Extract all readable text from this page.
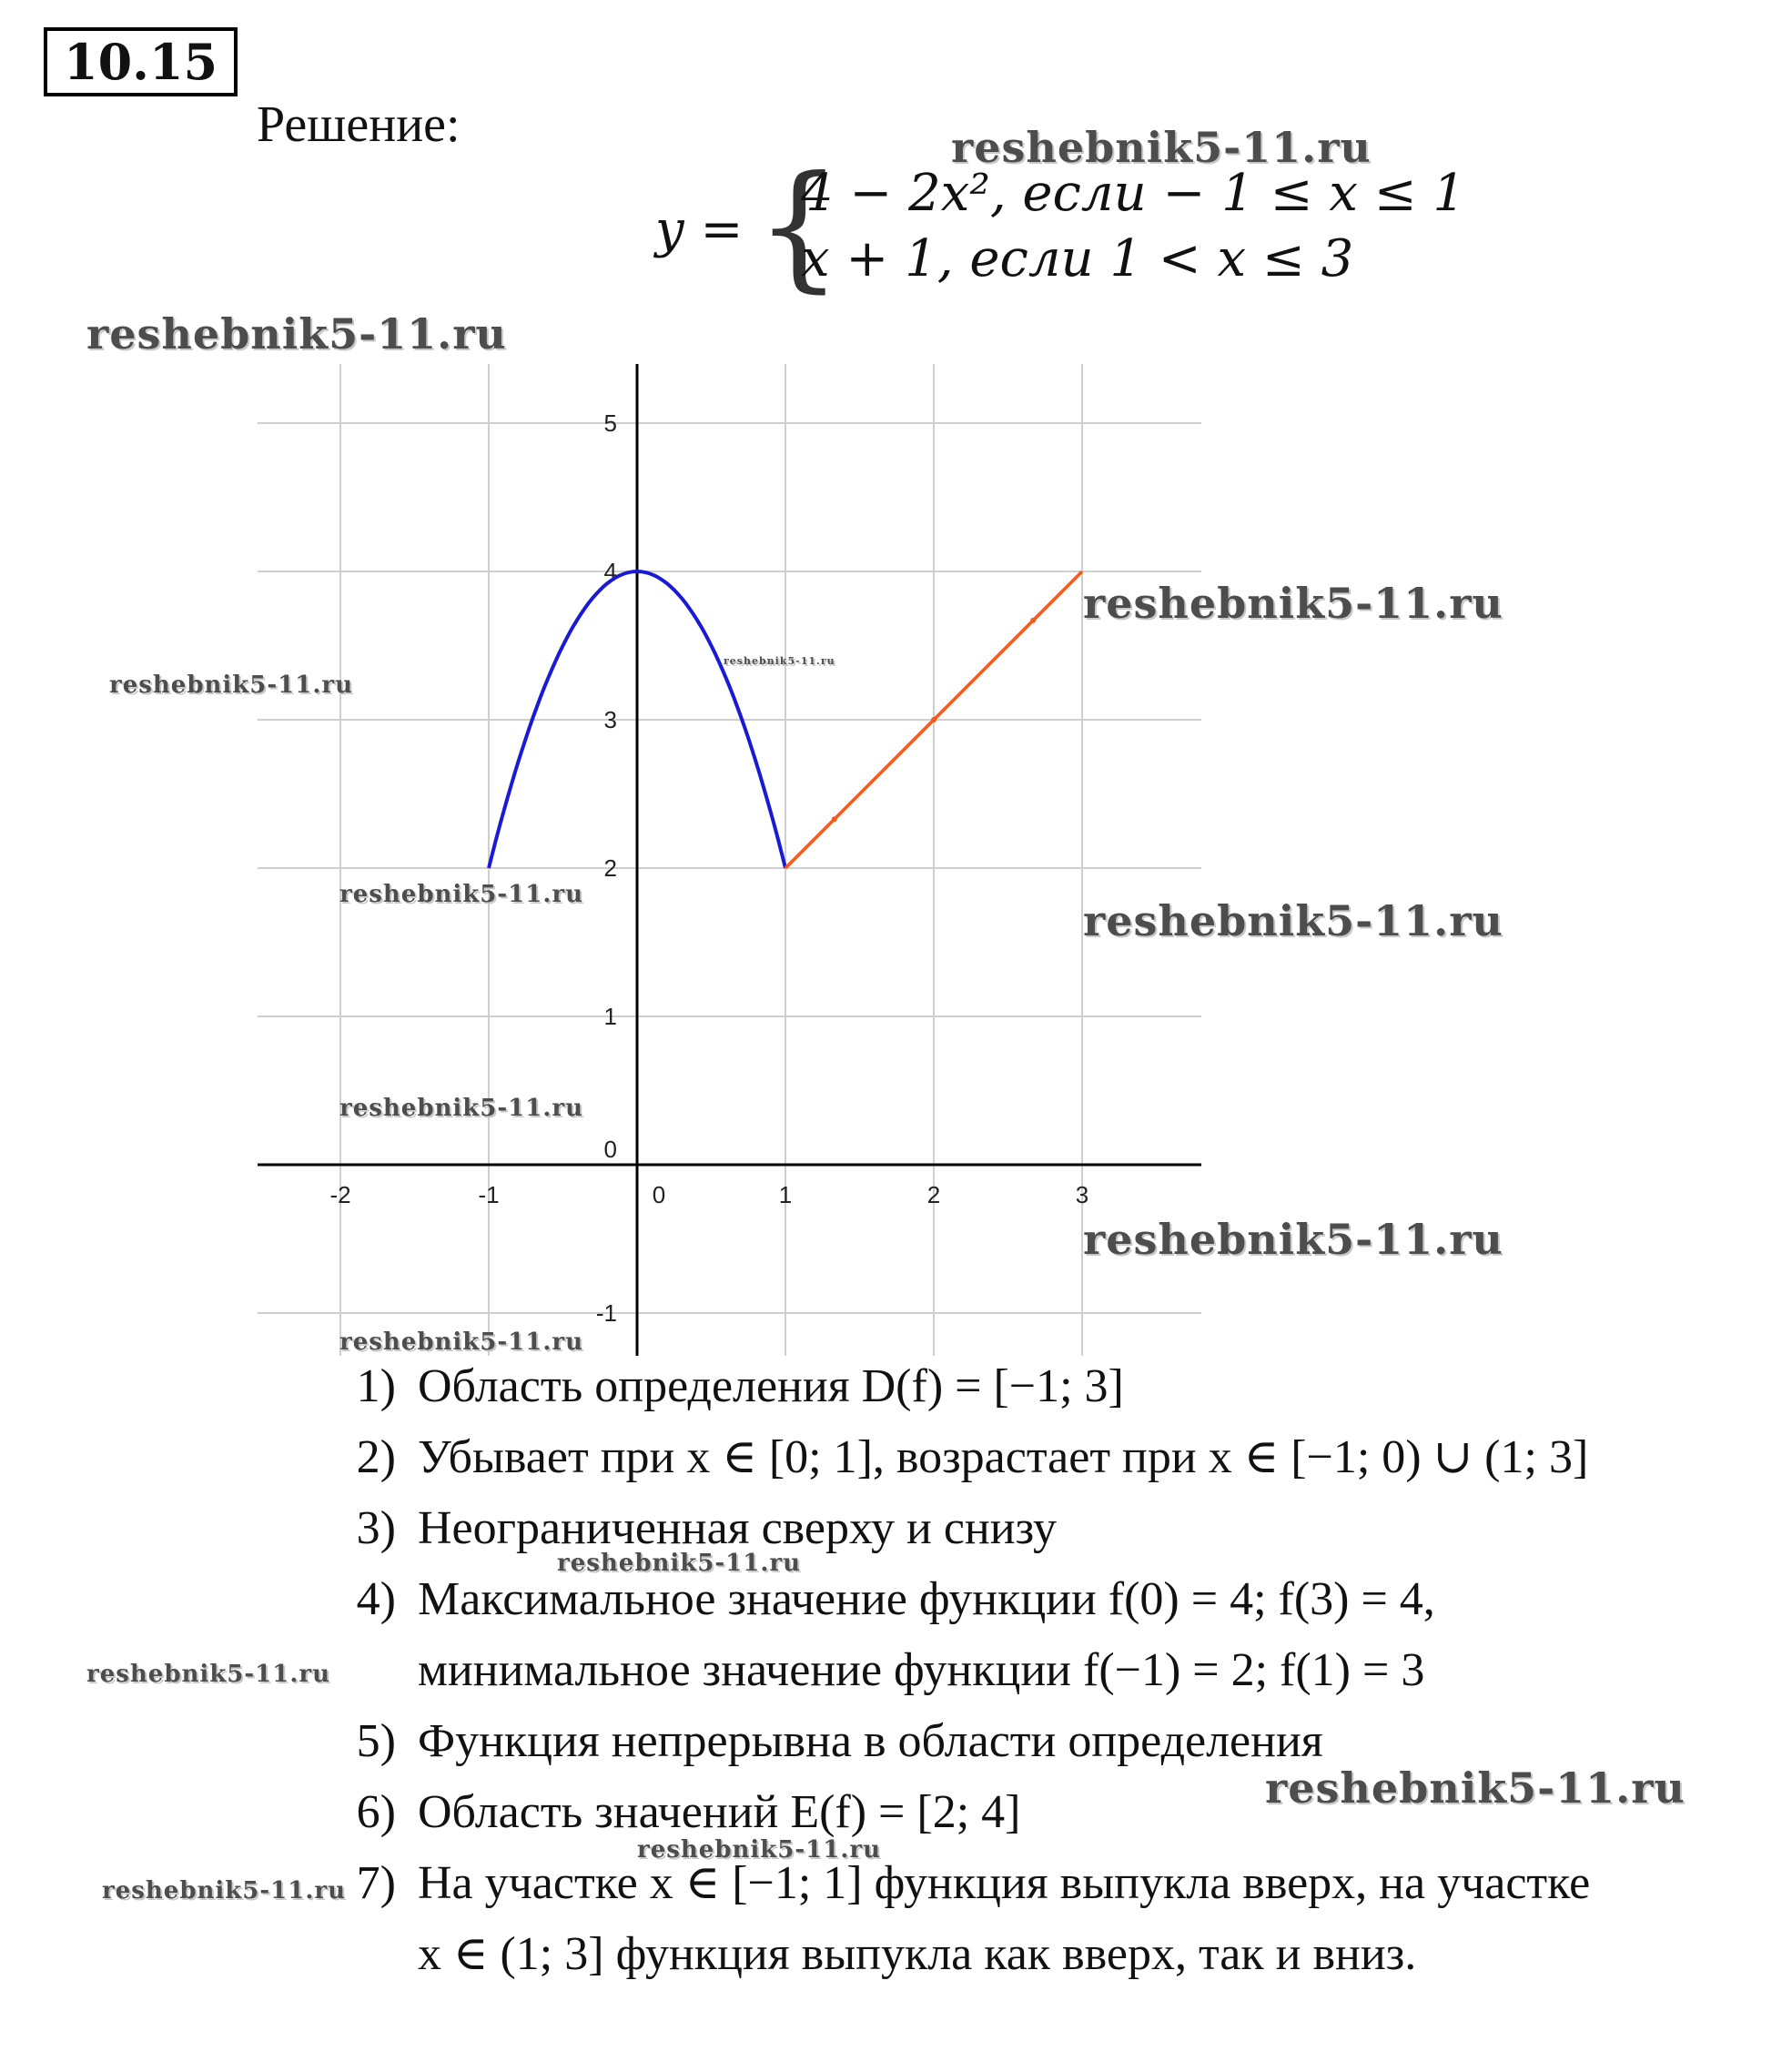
10.15
Решение:
y = {
4 − 2x², если − 1 ≤ x ≤ 1
x + 1, если 1 < x ≤ 3
-2	-1	0	1	2	3
-1
0
1
2
3
4
5
reshebnik5-11.ru
reshebnik5-11.ru
reshebnik5-11.ru
reshebnik5-11.ru
reshebnik5-11.ru
reshebnik5-11.ru
reshebnik5-11.ru
reshebnik5-11.ru
reshebnik5-11.ru
reshebnik5-11.ru
reshebnik5-11.ru
reshebnik5-11.ru
reshebnik5-11.ru
reshebnik5-11.ru
reshebnik5-11.ru
1) Область определения D(f) = [−1; 3]
2) Убывает при x ∈ [0; 1], возрастает при x ∈ [−1; 0) ∪ (1; 3]
3) Неограниченная сверху и снизу
4) Максимальное значение функции f(0) = 4; f(3) = 4,
минимальное значение функции f(−1) = 2; f(1) = 3
5) Функция непрерывна в области определения
6) Область значений E(f) = [2; 4]
7) На участке x ∈ [−1; 1] функция выпукла вверх, на участке
x ∈ (1; 3] функция выпукла как вверх, так и вниз.
